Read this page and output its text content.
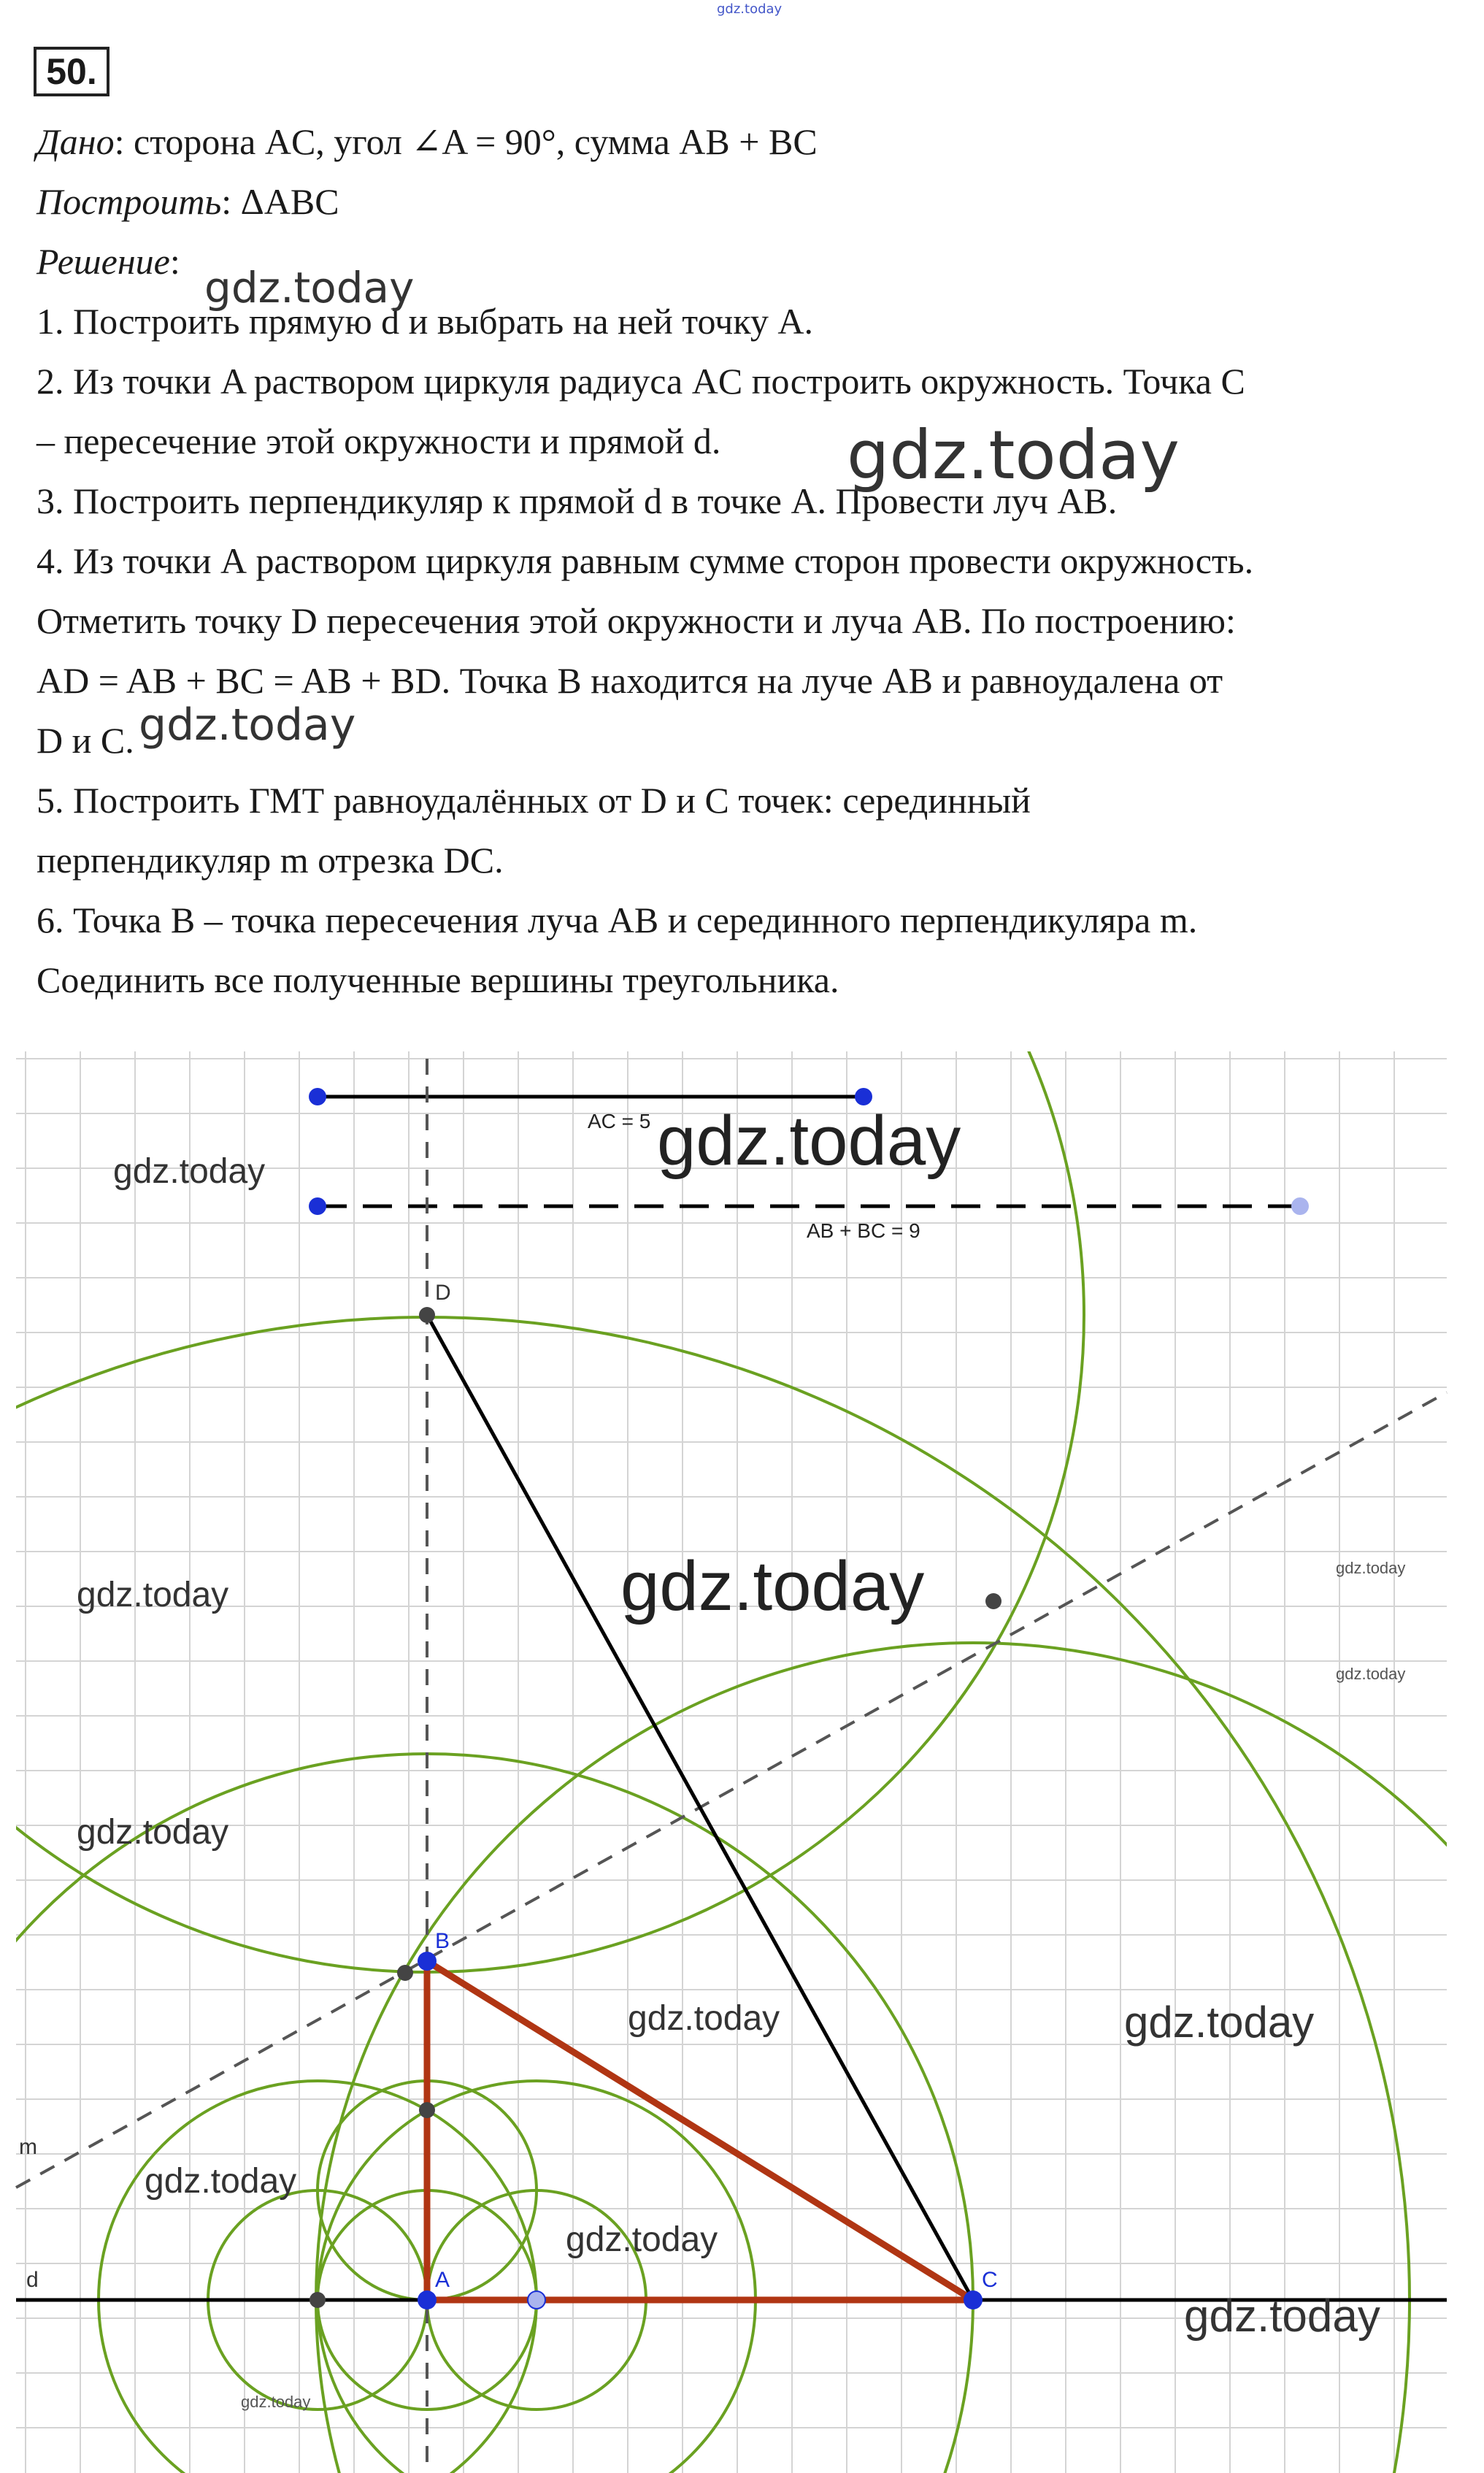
gdz.today
50.
Дано: сторона AC, угол ∠A = 90°, сумма AB + BC
Построить: ΔABC
Решение:
1. Построить прямую d и выбрать на ней точку A.
2. Из точки A раствором циркуля радиуса AC построить окружность. Точка C
– пересечение этой окружности и прямой d.
3. Построить перпендикуляр к прямой d в точке A. Провести луч AB.
4. Из точки А раствором циркуля равным сумме сторон провести окружность.
Отметить точку D пересечения этой окружности и луча AB. По построению:
AD = AB + BC = AB + BD. Точка B находится на луче AB и равноудалена от
D и C.
5. Построить ГМТ равноудалённых от D и C точек: серединный
перпендикуляр m отрезка DC.
6. Точка B – точка пересечения луча AB и серединного перпендикуляра m.
Соединить все полученные вершины треугольника.
gdz.today
gdz.today
gdz.today
AC = 5
AB + BC = 9
D
B
A	C
d
m
gdz.today
gdz.today
gdz.today
gdz.today
gdz.today
gdz.today
gdz.today
gdz.today	gdz.today
gdz.today
gdz.today
gdz.today
gdz.today
